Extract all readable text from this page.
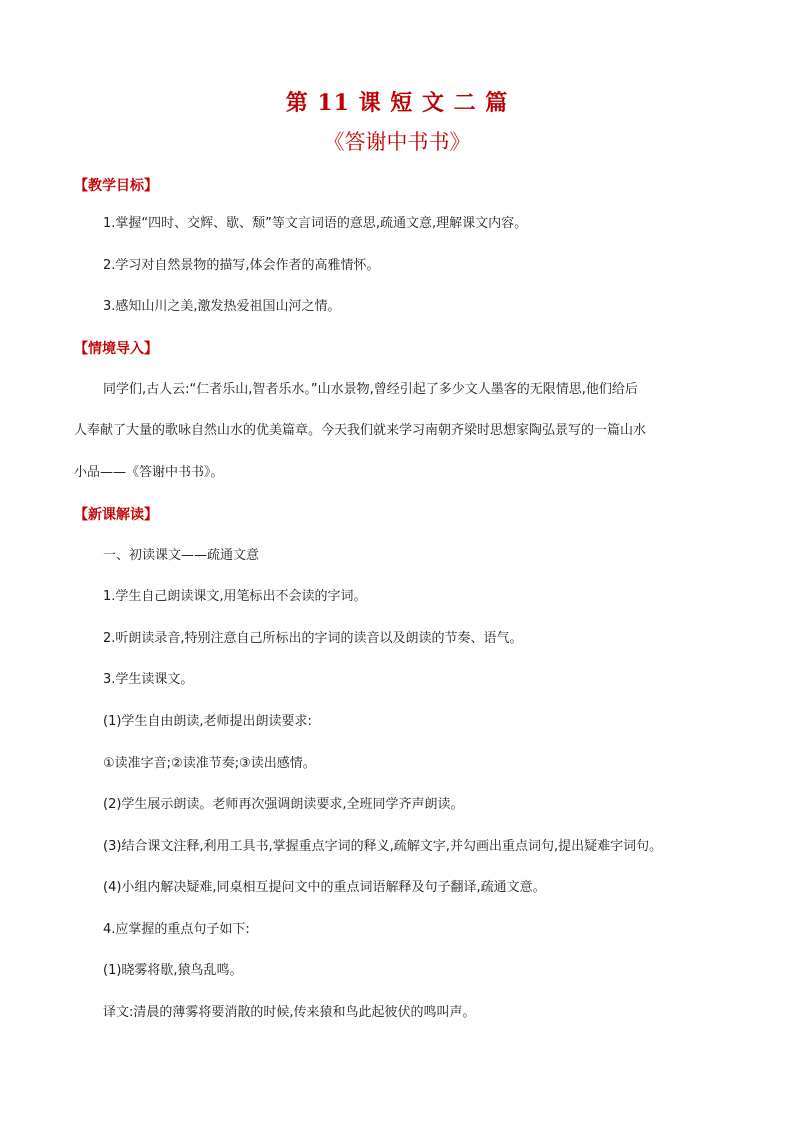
第 11 课 短 文 二 篇
《答谢中书书》
【教学目标】
1.掌握“四时、交辉、歇、颓”等文言词语的意思,疏通文意,理解课文内容。
2.学习对自然景物的描写,体会作者的高雅情怀。
3.感知山川之美,激发热爱祖国山河之情。
【情境导入】
同学们,古人云:“仁者乐山,智者乐水。”山水景物,曾经引起了多少文人墨客的无限情思,他们给后
人奉献了大量的歌咏自然山水的优美篇章。今天我们就来学习南朝齐梁时思想家陶弘景写的一篇山水
小品——《答谢中书书》。
【新课解读】
一、初读课文——疏通文意
1.学生自己朗读课文,用笔标出不会读的字词。
2.听朗读录音,特别注意自己所标出的字词的读音以及朗读的节奏、语气。
3.学生读课文。
(1)学生自由朗读,老师提出朗读要求:
①读准字音;②读准节奏;③读出感情。
(2)学生展示朗读。老师再次强调朗读要求,全班同学齐声朗读。
(3)结合课文注释,利用工具书,掌握重点字词的释义,疏解文字,并勾画出重点词句,提出疑难字词句。
(4)小组内解决疑难,同桌相互提问文中的重点词语解释及句子翻译,疏通文意。
4.应掌握的重点句子如下:
(1)晓雾将歇,猿鸟乱鸣。
译文:清晨的薄雾将要消散的时候,传来猿和鸟此起彼伏的鸣叫声。
